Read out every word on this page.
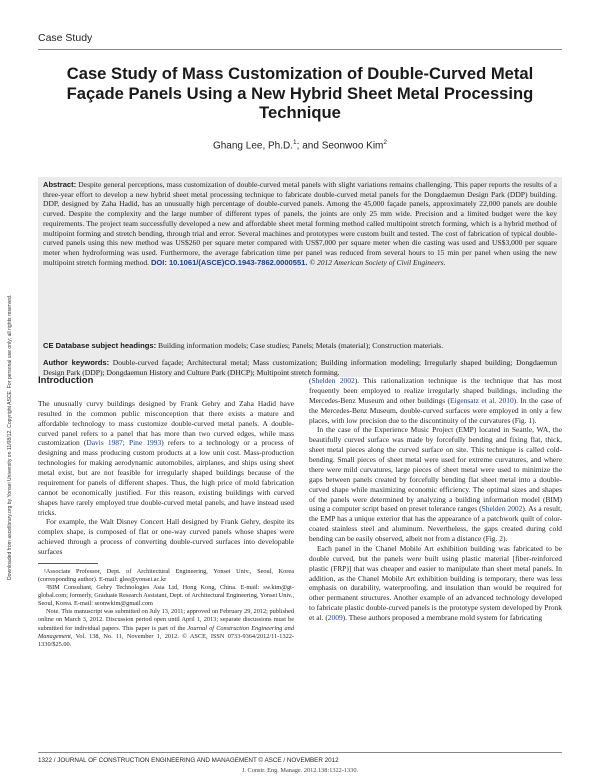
Downloaded from ascelibrary.org by Yonsei University on 11/08/12. Copyright ASCE. For personal use only; all rights reserved.
Case Study
Case Study of Mass Customization of Double-Curved Metal Façade Panels Using a New Hybrid Sheet Metal Processing Technique
Ghang Lee, Ph.D.$^1$; and Seonwoo Kim$^2$
Abstract: Despite general perceptions, mass customization of double-curved metal panels with slight variations remains challenging. This paper reports the results of a three-year effort to develop a new hybrid sheet metal processing technique to fabricate double-curved metal panels for the Dongdaemun Design Park (DDP) building. DDP, designed by Zaha Hadid, has an unusually high percentage of double-curved panels. Among the 45,000 façade panels, approximately 22,000 panels are double curved. Despite the complexity and the large number of different types of panels, the joints are only 25 mm wide. Precision and a limited budget were the key requirements. The project team successfully developed a new and affordable sheet metal forming method called multipoint stretch forming, which is a hybrid method of multipoint forming and stretch bending, through trial and error. Several machines and prototypes were custom built and tested. The cost of fabrication of typical double-curved panels using this new method was US$260 per square meter compared with US$7,000 per square meter when die casting was used and US$3,000 per square meter when hydroforming was used. Furthermore, the average fabrication time per panel was reduced from several hours to 15 min per panel when using the new multipoint stretch forming method. DOI: 10.1061/(ASCE)CO.1943-7862.0000551. © 2012 American Society of Civil Engineers.
CE Database subject headings: Building information models; Case studies; Panels; Metals (material); Construction materials.
Author keywords: Double-curved façade; Architectural metal; Mass customization; Building information modeling; Irregularly shaped building; Dongdaemun Design Park (DDP); Dongdaemun History and Culture Park (DHCP); Multipoint stretch forming.
Introduction

The unusually curvy buildings designed by Frank Gehry and Zaha Hadid have resulted in the common public misconception that there exists a mature and affordable technology to mass customize double-curved metal panels. A double-curved panel refers to a panel that has more than two curved edges, while mass customization (Davis 1987; Pine 1993) refers to a technology or a process of designing and mass producing custom products at a low unit cost. Mass-production technologies for making aerodynamic automobiles, airplanes, and ships using sheet metal exist, but are not feasible for irregularly shaped buildings because of the requirement for panels of different shapes. Thus, the high price of mold fabrication cannot be economically justified. For this reason, existing buildings with curved shapes have rarely employed true double-curved metal panels, and have instead used tricks.

For example, the Walt Disney Concert Hall designed by Frank Gehry, despite its complex shape, is composed of flat or one-way curved panels whose shapes were achieved through a process of converting double-curved surfaces into developable surfaces

¹Associate Professor, Dept. of Architectural Engineering, Yonsei Univ., Seoul, Korea (corresponding author). E-mail: glee@yonsei.ac.kr

²BIM Consultant, Gehry Technologies Asia Ltd, Hong Kong, China. E-mail: sw.kim@gt-global.com; formerly, Graduate Research Assistant, Dept. of Architectural Engineering, Yonsei Univ., Seoul, Korea. E-mail: seonwkim@gmail.com

Note. This manuscript was submitted on July 13, 2011; approved on February 29, 2012; published online on March 3, 2012. Discussion period open until April 1, 2013; separate discussions must be submitted for individual papers. This paper is part of the Journal of Construction Engineering and Management, Vol. 138, No. 11, November 1, 2012. © ASCE, ISSN 0733-9364/2012/11-1322-1330/$25.00.

(Shelden 2002). This rationalization technique is the technique that has most frequently been employed to realize irregularly shaped buildings, including the Mercedes-Benz Museum and other buildings (Eigensatz et al. 2010). In the case of the Mercedes-Benz Museum, double-curved surfaces were employed in only a few places, with low precision due to the discontinuity of the curvatures (Fig. 1).

In the case of the Experience Music Project (EMP) located in Seattle, WA, the beautifully curved surface was made by forcefully bending and fixing flat, thick, sheet metal pieces along the curved surface on site. This technique is called cold-bending. Small pieces of sheet metal were used for extreme curvatures, and where there were mild curvatures, large pieces of sheet metal were used to minimize the gaps between panels created by forcefully bending flat sheet metal into a double-curved shape while maximizing economic efficiency. The optimal sizes and shapes of the panels were determined by analyzing a building information model (BIM) using a computer script based on preset tolerance ranges (Shelden 2002). As a result, the EMP has a unique exterior that has the appearance of a patchwork quilt of color-coated stainless steel and aluminum. Nevertheless, the gaps created during cold bending can be easily observed, albeit not from a distance (Fig. 2).

Each panel in the Chanel Mobile Art exhibition building was fabricated to be double curved, but the panels were built using plastic material [fiber-reinforced plastic (FRP)] that was cheaper and easier to manipulate than sheet metal panels. In addition, as the Chanel Mobile Art exhibition building is temporary, there was less emphasis on durability, waterproofing, and insulation than would be required for other permanent structures. Another example of an advanced technology developed to fabricate plastic double-curved panels is the prototype system developed by Pronk et al. (2009). These authors proposed a membrane mold system for fabricating

1322 / JOURNAL OF CONSTRUCTION ENGINEERING AND MANAGEMENT © ASCE / NOVEMBER 2012
J. Constr. Eng. Manage. 2012.138:1322-1330.
